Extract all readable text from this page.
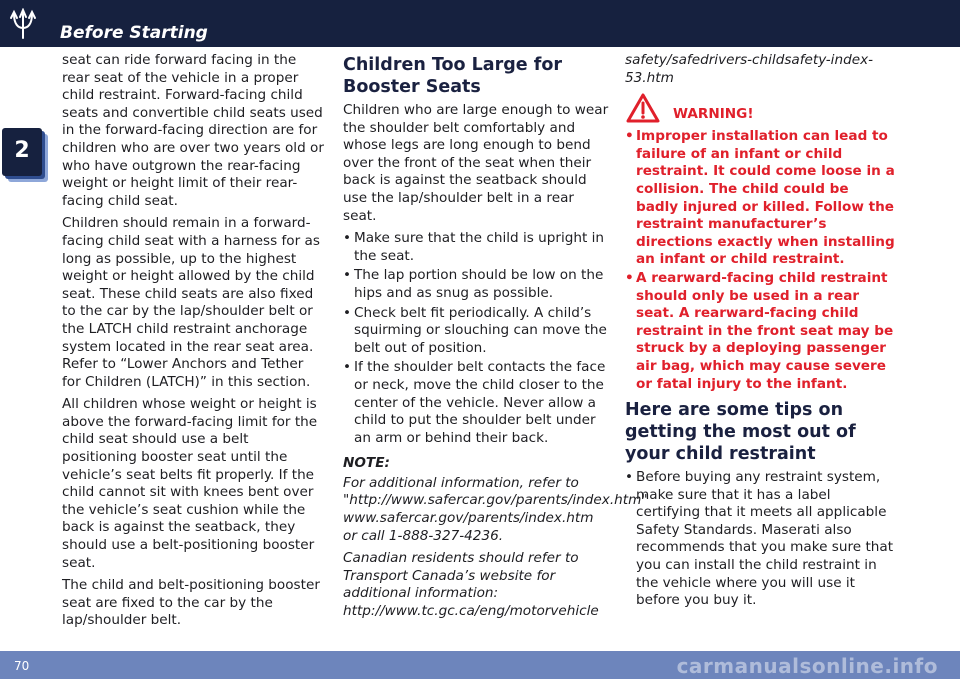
Before Starting
2

seat can ride forward facing in the rear seat of the vehicle in a proper child restraint. Forward-facing child seats and convertible child seats used in the forward-facing direction are for children who are over two years old or who have outgrown the rear-facing weight or height limit of their rear-facing child seat.

Children should remain in a forward-facing child seat with a harness for as long as possible, up to the highest weight or height allowed by the child seat. These child seats are also fixed to the car by the lap/shoulder belt or the LATCH child restraint anchorage system located in the rear seat area. Refer to “Lower Anchors and Tether for Children (LATCH)” in this section.

All children whose weight or height is above the forward-facing limit for the child seat should use a belt positioning booster seat until the vehicle’s seat belts fit properly. If the child cannot sit with knees bent over the vehicle’s seat cushion while the back is against the seatback, they should use a belt-positioning booster seat.

The child and belt-positioning booster seat are fixed to the car by the lap/shoulder belt.

Children Too Large for Booster Seats

Children who are large enough to wear the shoulder belt comfortably and whose legs are long enough to bend over the front of the seat when their back is against the seatback should use the lap/shoulder belt in a rear seat.

• Make sure that the child is upright in the seat.
• The lap portion should be low on the hips and as snug as possible.
• Check belt fit periodically. A child’s squirming or slouching can move the belt out of position.
• If the shoulder belt contacts the face or neck, move the child closer to the center of the vehicle. Never allow a child to put the shoulder belt under an arm or behind their back.
NOTE:

For additional information, refer to "http://www.safercar.gov/parents/index.htm" www.safercar.gov/parents/index.htm or call 1-888-327-4236.

Canadian residents should refer to Transport Canada’s website for additional information: http://www.tc.gc.ca/eng/motorvehicle

safety/safedrivers-childsafety-index-53.htm

WARNING!
• Improper installation can lead to failure of an infant or child restraint. It could come loose in a collision. The child could be badly injured or killed. Follow the restraint manufacturer’s directions exactly when installing an infant or child restraint.
• A rearward-facing child restraint should only be used in a rear seat. A rearward-facing child restraint in the front seat may be struck by a deploying passenger air bag, which may cause severe or fatal injury to the infant.
Here are some tips on getting the most out of your child restraint
• Before buying any restraint system, make sure that it has a label certifying that it meets all applicable Safety Standards. Maserati also recommends that you make sure that you can install the child restraint in the vehicle where you will use it before you buy it.
70	carmanualsonline.info
